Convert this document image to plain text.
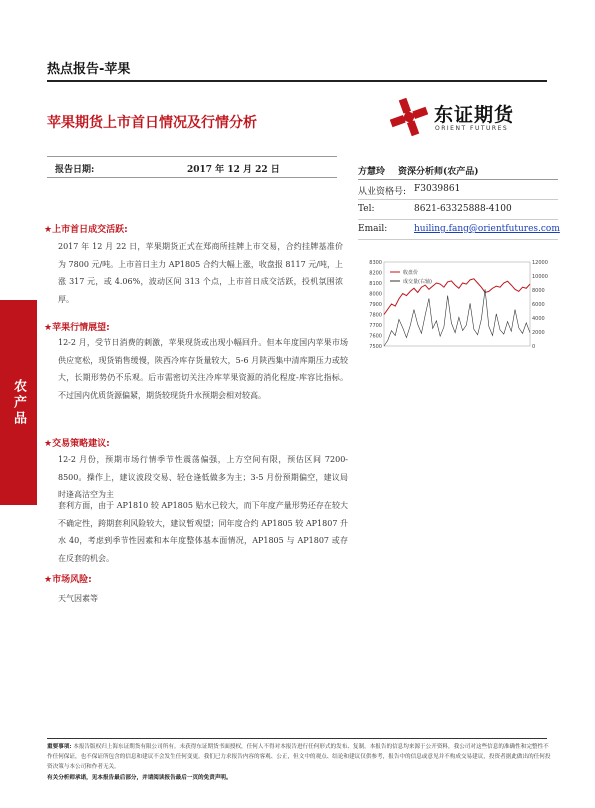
热点报告-苹果
苹果期货上市首日情况及行情分析	东证期货
ORIENT FUTURES
报告日期:	2017 年 12 月 22 日	方慧玲 资深分析师(农产品)
从业资格号: F3039861
Tel:	8621-63325888-4100
Email:	huiling.fang@orientfutures.com
农产品
★上市首日成交活跃:
2017 年 12 月 22 日，苹果期货正式在郑商所挂牌上市交易，合约挂牌基准价为 7800 元/吨。上市首日主力 AP1805 合约大幅上涨，收盘报 8117 元/吨，上涨 317 元，或 4.06%，波动区间 313 个点，上市首日成交活跃，投机氛围浓厚。
★苹果行情展望:
12-2 月，受节日消费的刺激，苹果现货或出现小幅回升。但本年度国内苹果市场供应宽松，现货销售缓慢，陕西冷库存货量较大，5-6 月陕西集中清库期压力或较大，长期形势仍不乐观。后市需密切关注冷库苹果资源的消化程度-库容比指标。不过国内优质货源偏紧，期货较现货升水预期会相对较高。
★交易策略建议:
12-2 月份，预期市场行情季节性震荡偏强，上方空间有限，预估区间 7200-8500。操作上，建议波段交易、轻仓逢低做多为主；3-5 月份预期偏空，建议局时逢高沽空为主
套利方面，由于 AP1810 较 AP1805 贴水已较大，而下年度产量形势还存在较大不确定性，跨期套利风险较大，建议暂观望；同年度合约 AP1805 较 AP1807 升水 40，考虑到季节性因素和本年度整体基本面情况，AP1805 与 AP1807 或存在反套的机会。
★市场风险:
天气因素等
8300
8200
8100
8000
7900
7800
7700
7600
7500
12000
10000
8000
6000
4000
2000
0
收盘价
成交量(右轴)
重要事项: 本报告版权归上海东证期货有限公司所有。未获得东证期货书面授权，任何人不得对本报告进行任何形式的发布、复制。本报告的信息均来源于公开资料，我公司对这些信息的准确性和完整性不作任何保证，也不保证所包含的信息和建议不会发生任何变更。我们已力求报告内容的客观、公正，但文中的观点、结论和建议仅供参考，报告中的信息或意见并不构成交易建议，投资者据此做出的任何投资决策与本公司和作者无关。
有关分析师承诺，见本报告最后部分，并请阅读报告最后一页的免责声明。
